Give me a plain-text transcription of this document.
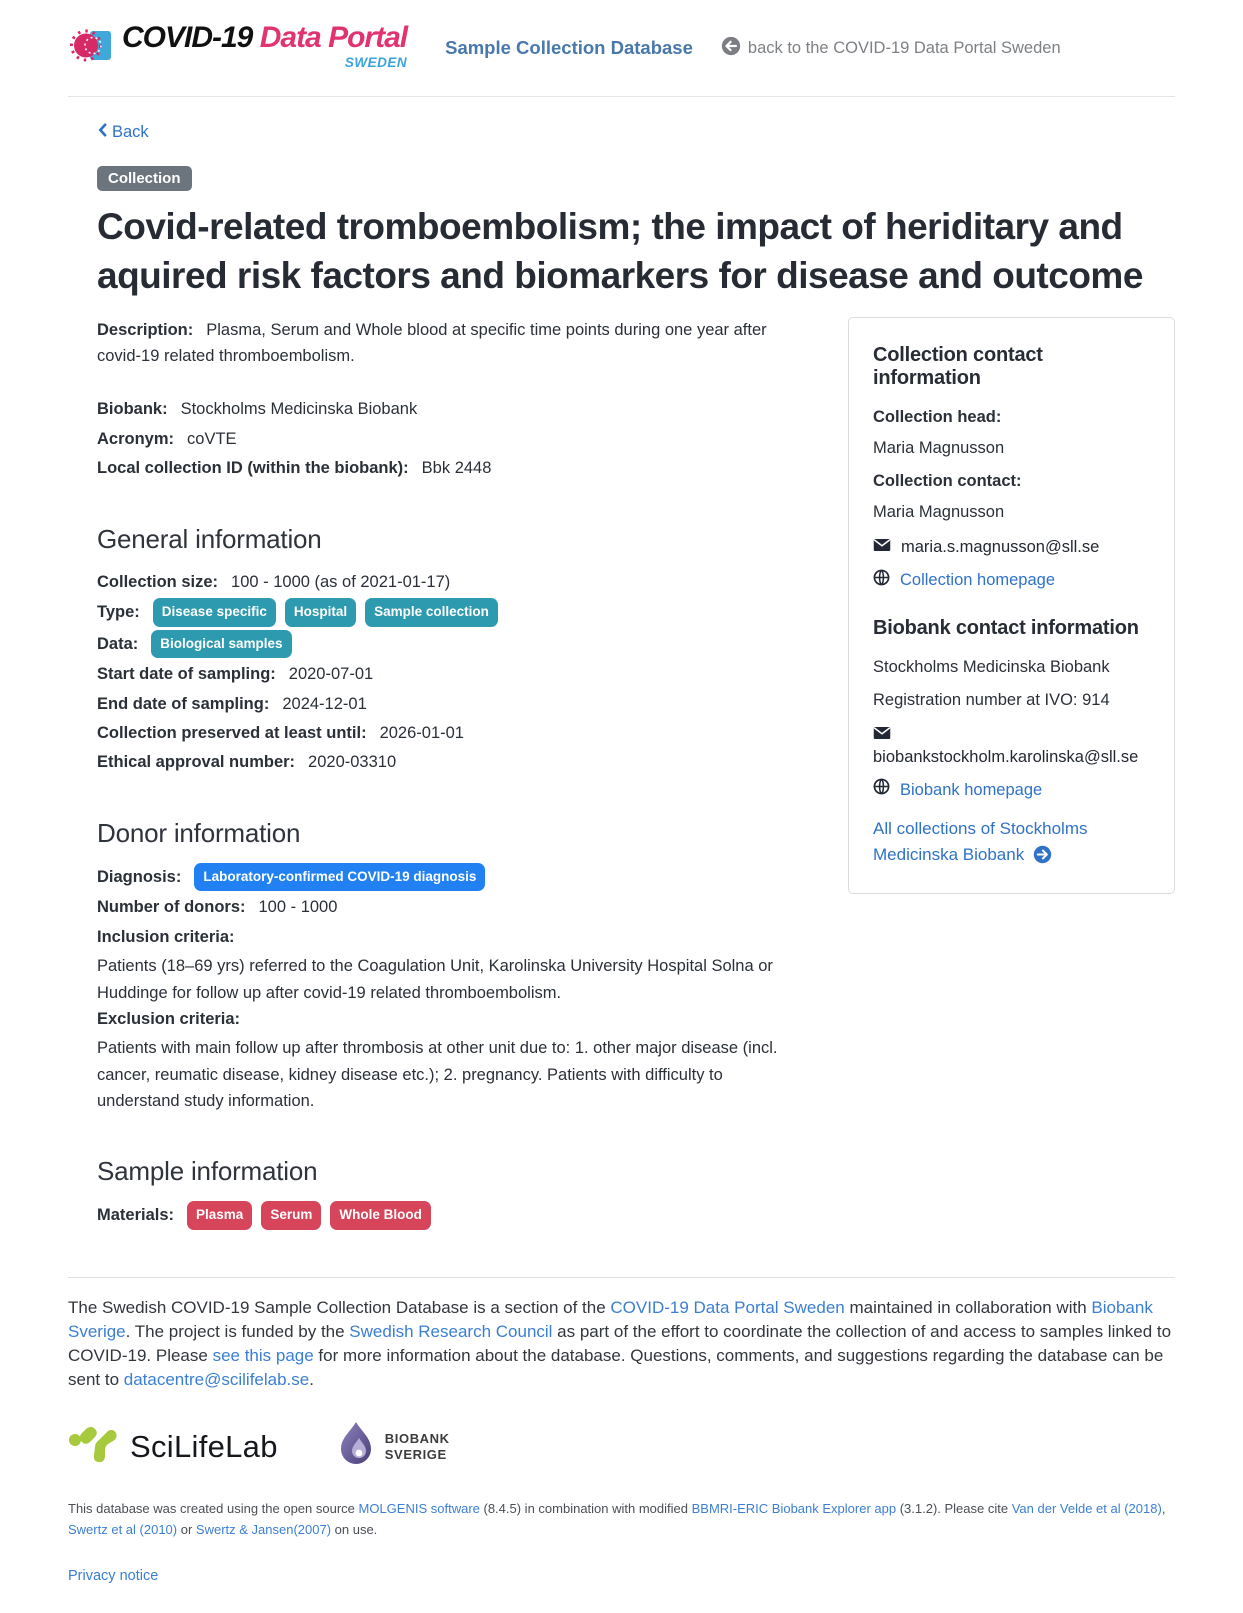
COVID-19 Data Portal
SWEDEN
Sample Collection Database	back to the COVID-19 Data Portal Sweden
Back
Collection
Covid-related tromboembolism; the impact of heriditary and aquired risk factors and biomarkers for disease and outcome

Description: Plasma, Serum and Whole blood at specific time points during one year after covid-19 related thromboembolism.

Biobank: Stockholms Medicinska Biobank
Acronym: coVTE
Local collection ID (within the biobank): Bbk 2448
General information
Collection size: 100 - 1000 (as of 2021-01-17)
Type: Disease specific Hospital Sample collection
Data: Biological samples
Start date of sampling: 2020-07-01
End date of sampling: 2024-12-01
Collection preserved at least until: 2026-01-01
Ethical approval number: 2020-03310
Donor information
Diagnosis: Laboratory-confirmed COVID-19 diagnosis
Number of donors: 100 - 1000
Inclusion criteria:

Patients (18–69 yrs) referred to the Coagulation Unit, Karolinska University Hospital Solna or Huddinge for follow up after covid-19 related thromboembolism.

Exclusion criteria:

Patients with main follow up after thrombosis at other unit due to: 1. other major disease (incl. cancer, reumatic disease, kidney disease etc.); 2. pregnancy. Patients with difficulty to understand study information.

Sample information
Materials: Plasma Serum Whole Blood
Collection contact information
Collection head:
Maria Magnusson
Collection contact:
Maria Magnusson
maria.s.magnusson@sll.se
Collection homepage
Biobank contact information
Stockholms Medicinska Biobank
Registration number at IVO: 914

biobankstockholm.karolinska@sll.se
Biobank homepage
All collections of Stockholms Medicinska Biobank

The Swedish COVID-19 Sample Collection Database is a section of the COVID-19 Data Portal Sweden maintained in collaboration with Biobank Sverige. The project is funded by the Swedish Research Council as part of the effort to coordinate the collection of and access to samples linked to COVID-19. Please see this page for more information about the database. Questions, comments, and suggestions regarding the database can be sent to datacentre@scilifelab.se.

SciLifeLab	BIOBANK
SVERIGE

This database was created using the open source MOLGENIS software (8.4.5) in combination with modified BBMRI-ERIC Biobank Explorer app (3.1.2). Please cite Van der Velde et al (2018), Swertz et al (2010) or Swertz & Jansen(2007) on use.

Privacy notice
